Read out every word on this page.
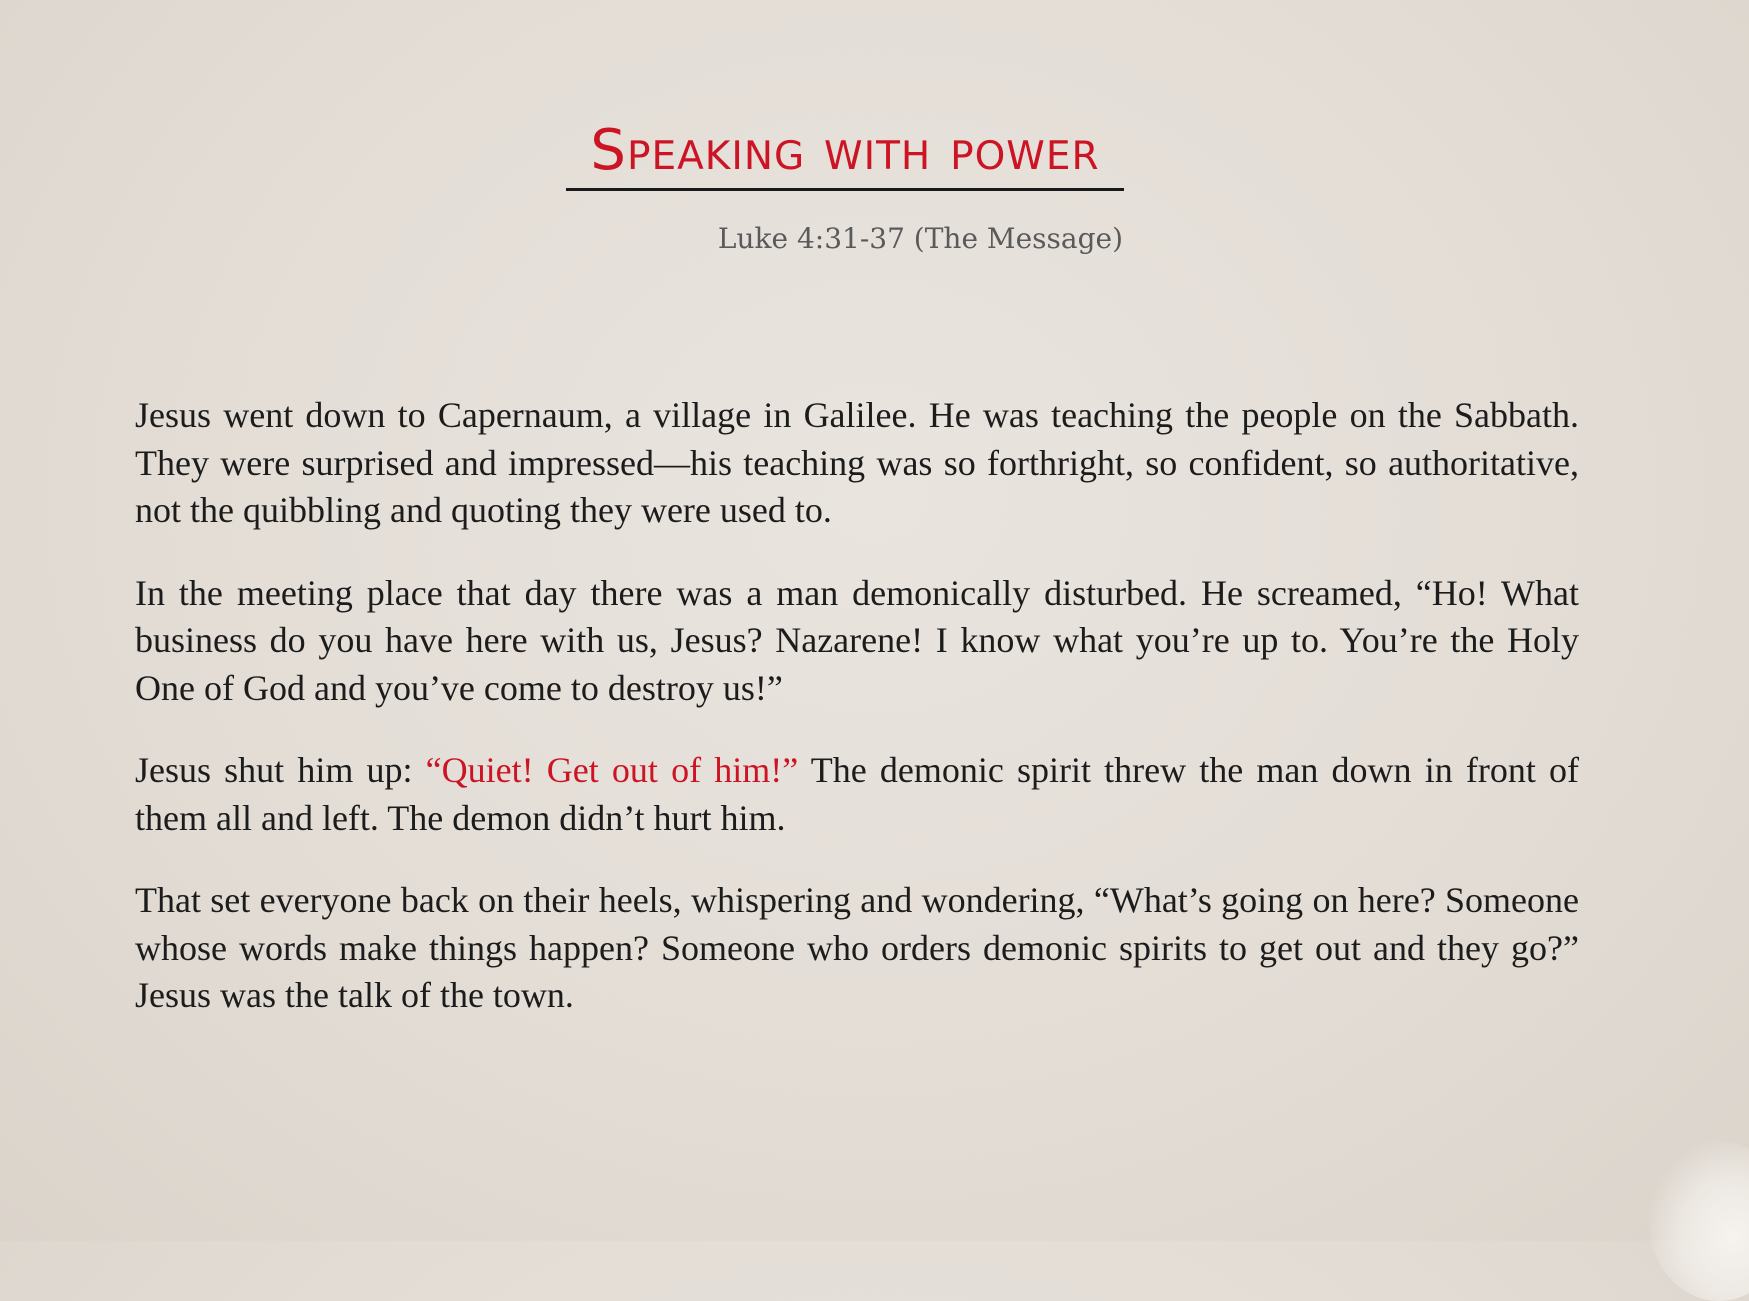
Speaking with power
Luke 4:31-37 (The Message)

Jesus went down to Capernaum, a village in Galilee. He was teaching the people on the Sabbath. They were surprised and impressed—his teaching was so forthright, so confident, so authoritative, not the quibbling and quoting they were used to.

In the meeting place that day there was a man demonically disturbed. He screamed, “Ho! What business do you have here with us, Jesus? Nazarene! I know what you’re up to. You’re the Holy One of God and you’ve come to destroy us!”

Jesus shut him up: “Quiet! Get out of him!” The demonic spirit threw the man down in front of them all and left. The demon didn’t hurt him.

That set everyone back on their heels, whispering and wondering, “What’s going on here? Someone whose words make things happen? Someone who orders demonic spirits to get out and they go?” Jesus was the talk of the town.
